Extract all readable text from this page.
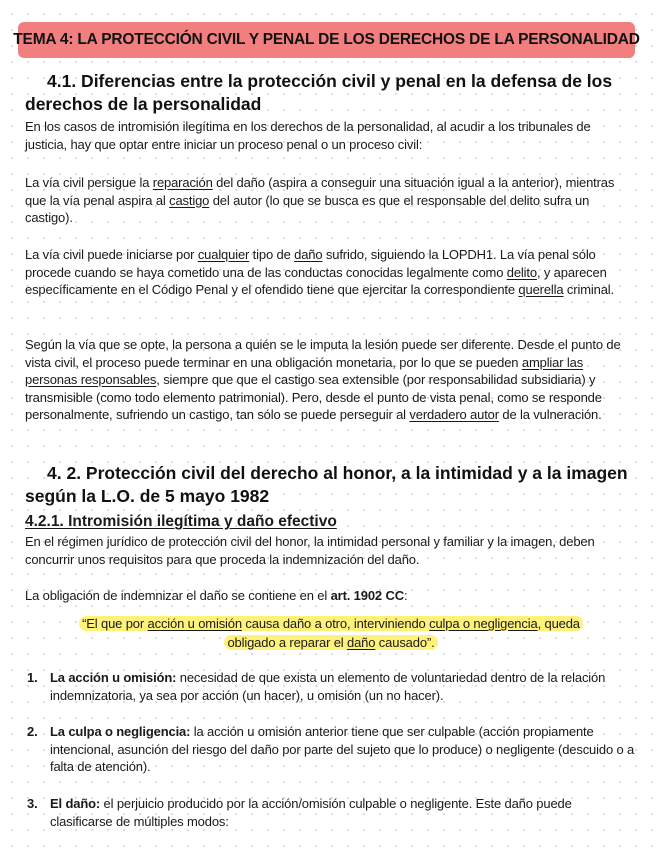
TEMA 4: LA PROTECCIÓN CIVIL Y PENAL DE LOS DERECHOS DE LA PERSONALIDAD
4.1. Diferencias entre la protección civil y penal en la defensa de los
derechos de la personalidad

En los casos de intromisión ilegítima en los derechos de la personalidad, al acudir a los tribunales de justicia, hay que optar entre iniciar un proceso penal o un proceso civil:

La vía civil persigue la reparación del daño (aspira a conseguir una situación igual a la anterior), mientras que la vía penal aspira al castigo del autor (lo que se busca es que el responsable del delito sufra un castigo).

La vía civil puede iniciarse por cualquier tipo de daño sufrido, siguiendo la LOPDH1. La vía penal sólo procede cuando se haya cometido una de las conductas conocidas legalmente como delito, y aparecen específicamente en el Código Penal y el ofendido tiene que ejercitar la correspondiente querella criminal.

Según la vía que se opte, la persona a quién se le imputa la lesión puede ser diferente. Desde el punto de vista civil, el proceso puede terminar en una obligación monetaria, por lo que se pueden ampliar las personas responsables, siempre que que el castigo sea extensible (por responsabilidad subsidiaria) y transmisible (como todo elemento patrimonial). Pero, desde el punto de vista penal, como se responde personalmente, sufriendo un castigo, tan sólo se puede perseguir al verdadero autor de la vulneración.

4. 2. Protección civil del derecho al honor, a la intimidad y a la imagen
según la L.O. de 5 mayo 1982
4.2.1. Intromisión ilegítima y daño efectivo

En el régimen jurídico de protección civil del honor, la intimidad personal y familiar y la imagen, deben concurrir unos requisitos para que proceda la indemnización del daño.

La obligación de indemnizar el daño se contiene en el art. 1902 CC:

“El que por acción u omisión causa daño a otro, interviniendo culpa o negligencia, queda obligado a reparar el daño causado”.
1. La acción u omisión: necesidad de que exista un elemento de voluntariedad dentro de la relación indemnizatoria, ya sea por acción (un hacer), u omisión (un no hacer).
2. La culpa o negligencia: la acción u omisión anterior tiene que ser culpable (acción propiamente intencional, asunción del riesgo del daño por parte del sujeto que lo produce) o negligente (descuido o a falta de atención).
3. El daño: el perjuicio producido por la acción/omisión culpable o negligente. Este daño puede clasificarse de múltiples modos:
